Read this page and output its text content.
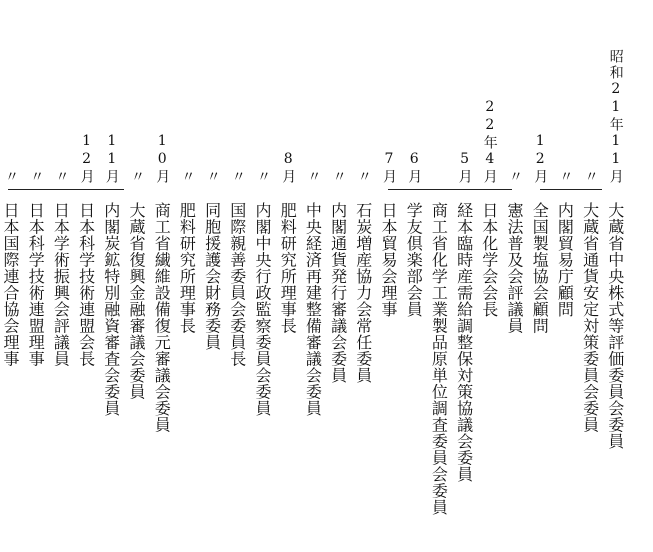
昭和21年11月
大蔵省中央株式等評価委員会委員
〃
大蔵省通貨安定対策委員会委員
〃
内閣貿易庁顧問
12月
全国製塩協会顧問
〃
憲法普及会評議員
22年4月
日本化学会会長
5月
経本臨時産需給調整保対策協議会委員
商工省化学工業製品原単位調査委員会委員
6月
学友倶楽部会員
7月
日本貿易会理事
〃
石炭増産協力会常任委員
〃
内閣通貨発行審議会委員
〃
中央経済再建整備審議会委員
8月
肥料研究所理事長
〃
内閣中央行政監察委員会委員
〃
国際親善委員会委員長
〃
同胞援護会財務委員
〃
肥料研究所理事長
10月
商工省繊維設備復元審議会委員
〃
大蔵省復興金融審議会委員
11月
内閣炭鉱特別融資審査会委員
12月
日本科学技術連盟会長
〃
日本学術振興会評議員
〃
日本科学技術連盟理事
〃
日本国際連合協会理事
